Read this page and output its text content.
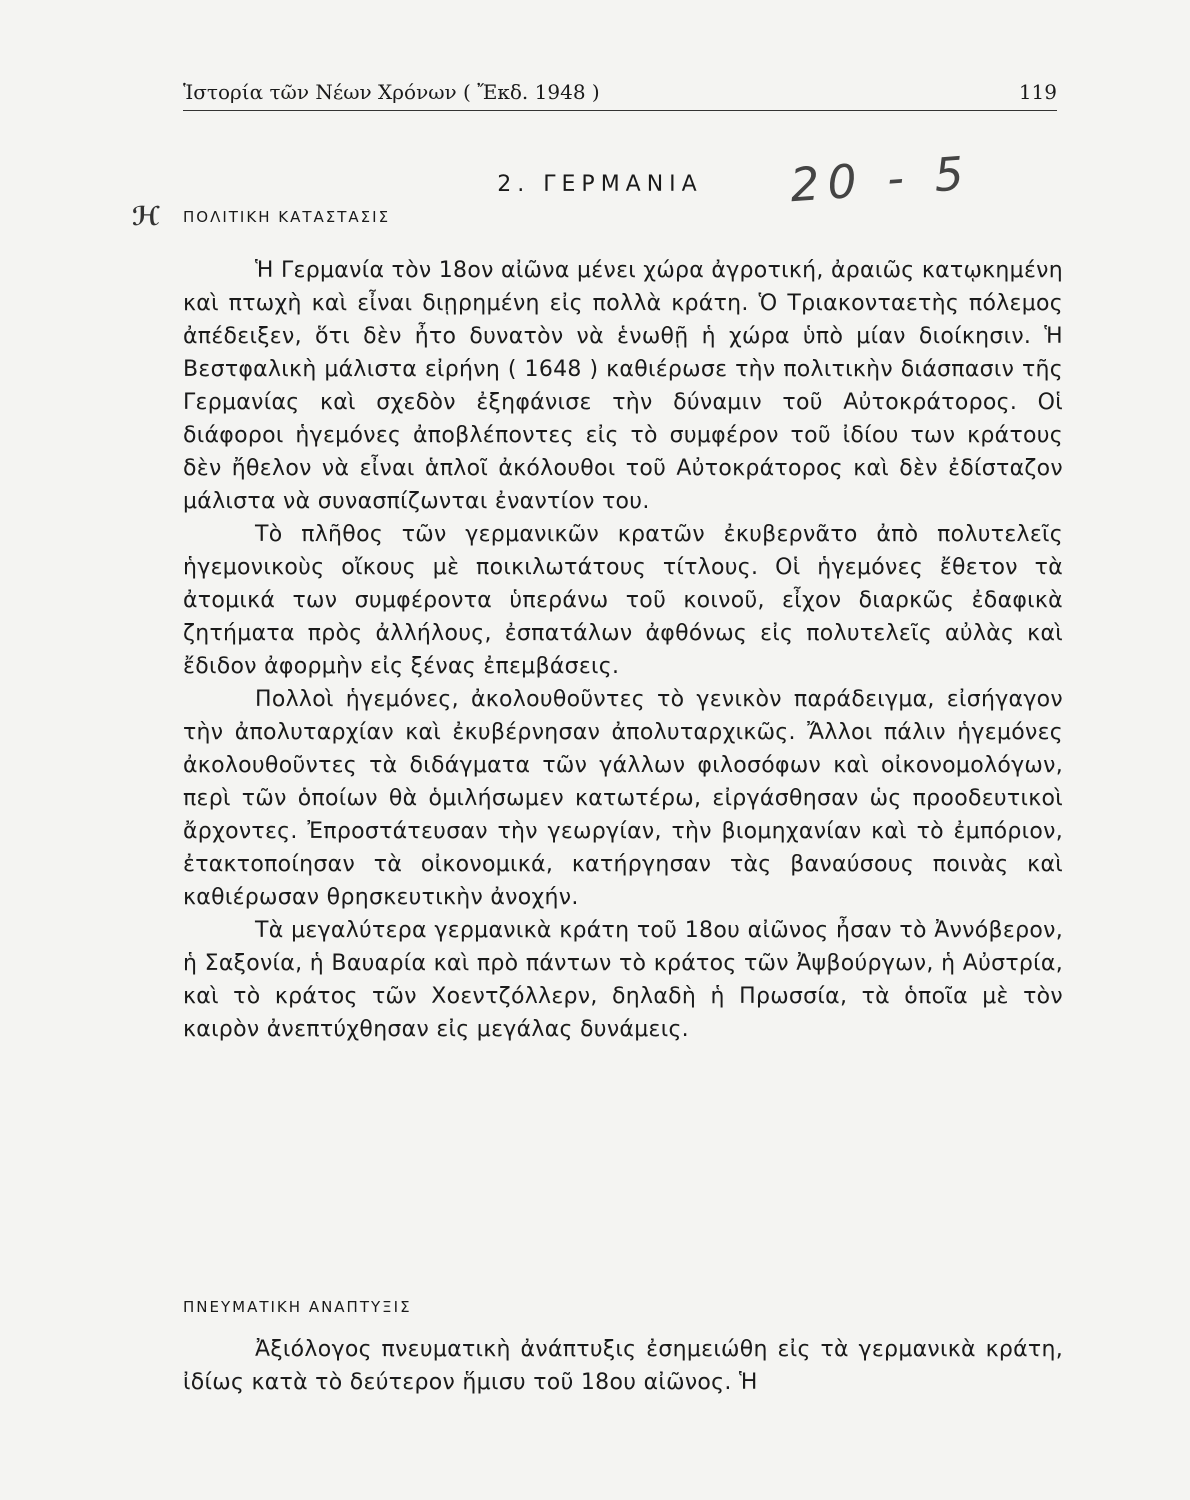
Ἱστορία τῶν Νέων Χρόνων ( Ἔκδ. 1948 )	119
2. ΓΕΡΜΑΝΙΑ	20 - 5
ℋ ΠΟΛΙΤΙΚΗ ΚΑΤΑΣΤΑΣΙΣ

Ἡ Γερμανία τὸν 18ον αἰῶνα μένει χώρα ἀγροτική, ἀραιῶς κατῳκημένη καὶ πτωχὴ καὶ εἶναι διῃρημένη εἰς πολλὰ κράτη. Ὁ Τριακονταετὴς πόλεμος ἀπέδειξεν, ὅτι δὲν ἦτο δυνατὸν νὰ ἑνωθῇ ἡ χώρα ὑπὸ μίαν διοίκησιν. Ἡ Βεστφαλικὴ μάλιστα εἰρήνη ( 1648 ) καθιέρωσε τὴν πολιτικὴν διάσπασιν τῆς Γερμανίας καὶ σχεδὸν ἐξηφάνισε τὴν δύναμιν τοῦ Αὐτοκράτορος. Οἱ διάφοροι ἡγεμόνες ἀποβλέποντες εἰς τὸ συμφέρον τοῦ ἰδίου των κράτους δὲν ἤθελον νὰ εἶναι ἁπλοῖ ἀκόλουθοι τοῦ Αὐτοκράτορος καὶ δὲν ἐδίσταζον μάλιστα νὰ συνασπίζωνται ἐναντίον του.

Τὸ πλῆθος τῶν γερμανικῶν κρατῶν ἐκυβερνᾶτο ἀπὸ πολυτελεῖς ἡγεμονικοὺς οἴκους μὲ ποικιλωτάτους τίτλους. Οἱ ἡγεμόνες ἔθετον τὰ ἀτομικά των συμφέροντα ὑπεράνω τοῦ κοινοῦ, εἶχον διαρκῶς ἐδαφικὰ ζητήματα πρὸς ἀλλήλους, ἐσπατάλων ἀφθόνως εἰς πολυτελεῖς αὐλὰς καὶ ἔδιδον ἀφορμὴν εἰς ξένας ἐπεμβάσεις.

Πολλοὶ ἡγεμόνες, ἀκολουθοῦντες τὸ γενικὸν παράδειγμα, εἰσήγαγον τὴν ἀπολυταρχίαν καὶ ἐκυβέρνησαν ἀπολυταρχικῶς. Ἄλλοι πάλιν ἡγεμόνες ἀκολουθοῦντες τὰ διδάγματα τῶν γάλλων φιλοσόφων καὶ οἰκονομολόγων, περὶ τῶν ὁποίων θὰ ὁμιλήσωμεν κατωτέρω, εἰργάσθησαν ὡς προοδευτικοὶ ἄρχοντες. Ἐπροστάτευσαν τὴν γεωργίαν, τὴν βιομηχανίαν καὶ τὸ ἐμπόριον, ἐτακτοποίησαν τὰ οἰκονομικά, κατήργησαν τὰς βαναύσους ποινὰς καὶ καθιέρωσαν θρησκευτικὴν ἀνοχήν.

Τὰ μεγαλύτερα γερμανικὰ κράτη τοῦ 18ου αἰῶνος ἦσαν τὸ Ἀννόβερον, ἡ Σαξονία, ἡ Βαυαρία καὶ πρὸ πάντων τὸ κράτος τῶν Ἀψβούργων, ἡ Αὐστρία, καὶ τὸ κράτος τῶν Χοεντζόλλερν, δηλαδὴ ἡ Πρωσσία, τὰ ὁποῖα μὲ τὸν καιρὸν ἀνεπτύχθησαν εἰς μεγάλας δυνάμεις.

ΠΝΕΥΜΑΤΙΚΗ ΑΝΑΠΤΥΞΙΣ

Ἀξιόλογος πνευματικὴ ἀνάπτυξις ἐσημειώθη εἰς τὰ γερμανικὰ κράτη, ἰδίως κατὰ τὸ δεύτερον ἥμισυ τοῦ 18ου αἰῶνος. Ἡ
